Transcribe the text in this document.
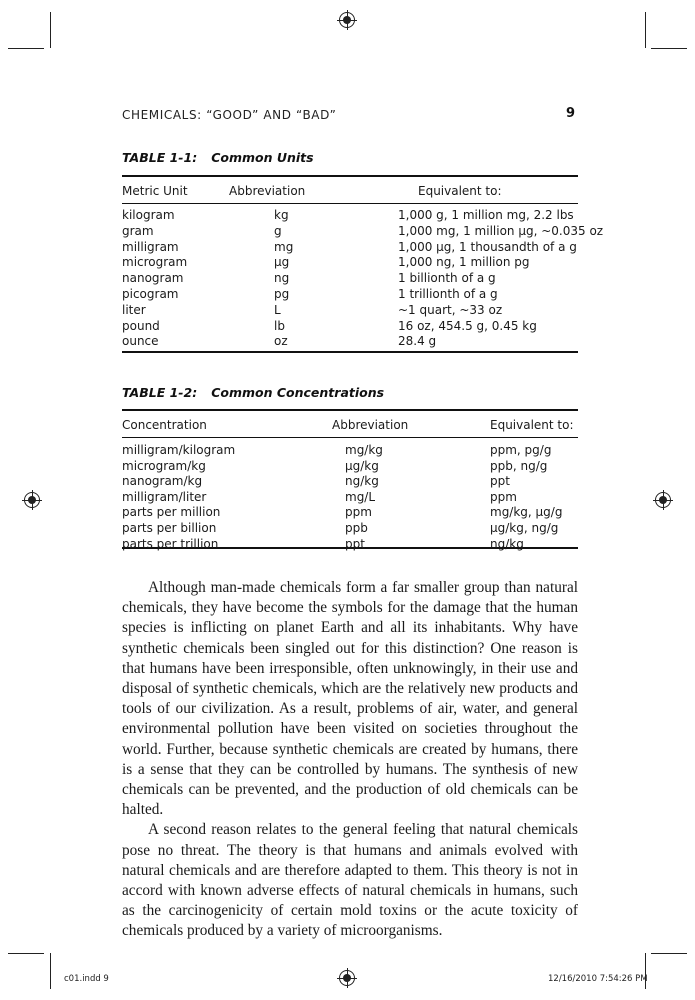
CHEMICALS: “GOOD” AND “BAD”	9
TABLE 1-1: Common Units
Metric Unit	Abbreviation	Equivalent to:
kilogram	kg	1,000 g, 1 million mg, 2.2 lbs
gram	g	1,000 mg, 1 million µg, ~0.035 oz
milligram	mg	1,000 µg, 1 thousandth of a g
microgram	µg	1,000 ng, 1 million pg
nanogram	ng	1 billionth of a g
picogram	pg	1 trillionth of a g
liter	L	~1 quart, ~33 oz
pound	lb	16 oz, 454.5 g, 0.45 kg
ounce	oz	28.4 g
TABLE 1-2: Common Concentrations
Concentration	Abbreviation	Equivalent to:
milligram/kilogram	mg/kg	ppm, pg/g
microgram/kg	µg/kg	ppb, ng/g
nanogram/kg	ng/kg	ppt
milligram/liter	mg/L	ppm
parts per million	ppm	mg/kg, µg/g
parts per billion	ppb	µg/kg, ng/g
parts per trillion	ppt	ng/kg

Although man-made chemicals form a far smaller group than natural chemicals, they have become the symbols for the damage that the human species is inflicting on planet Earth and all its inhabitants. Why have synthetic chemicals been singled out for this distinction? One reason is that humans have been irresponsible, often unknowingly, in their use and disposal of synthetic chemicals, which are the relatively new products and tools of our civilization. As a result, problems of air, water, and general environmental pollution have been visited on societies throughout the world. Further, because synthetic chemicals are created by humans, there is a sense that they can be controlled by humans. The synthesis of new chemicals can be prevented, and the production of old chemicals can be halted.

A second reason relates to the general feeling that natural chemicals pose no threat. The theory is that humans and animals evolved with natural chemicals and are therefore adapted to them. This theory is not in accord with known adverse effects of natural chemicals in humans, such as the carcinogenicity of certain mold toxins or the acute toxicity of chemicals produced by a variety of microorganisms.

c01.indd 9	12/16/2010 7:54:26 PM
